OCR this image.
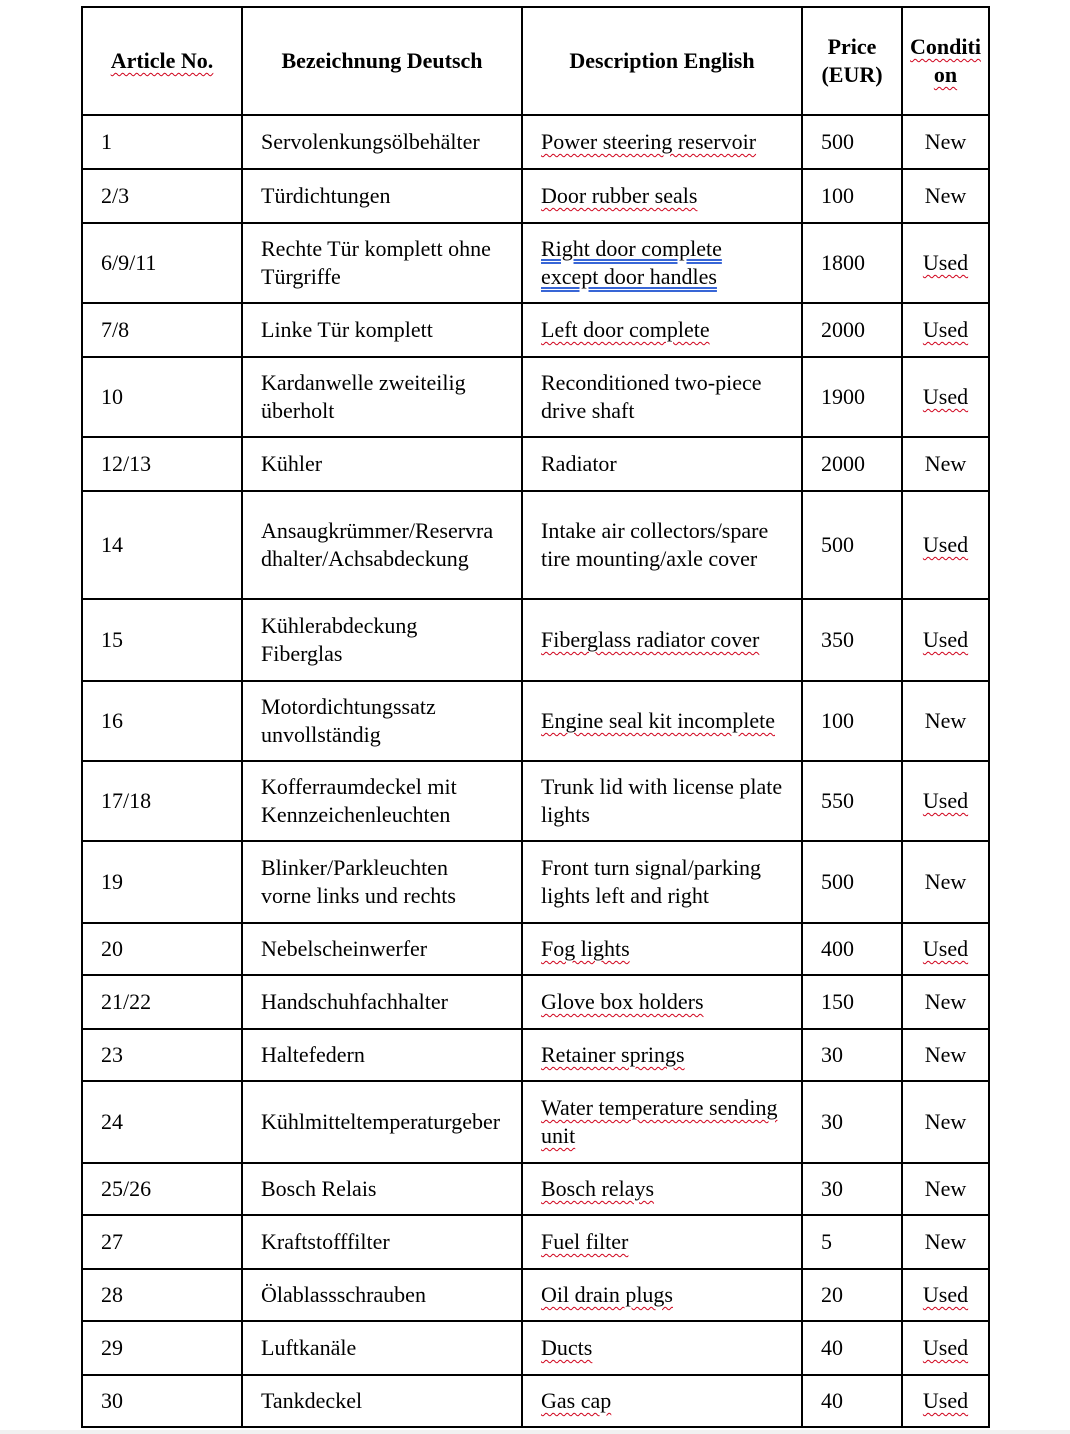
Article No.	Bezeichnung Deutsch	Description English	Price (EUR)	Condition
1	Servolenkungsölbehälter	Power steering reservoir	500	New
2/3	Türdichtungen	Door rubber seals	100	New
6/9/11	Rechte Tür komplett ohne Türgriffe	Right door complete except door handles	1800	Used
7/8	Linke Tür komplett	Left door complete	2000	Used
10	Kardanwelle zweiteilig überholt	Reconditioned two-piece drive shaft	1900	Used
12/13	Kühler	Radiator	2000	New
14	Ansaugkrümmer/Reservradhalter/Achsabdeckung	Intake air collectors/spare tire mounting/axle cover	500	Used
15	Kühlerabdeckung Fiberglas	Fiberglass radiator cover	350	Used
16	Motordichtungssatz unvollständig	Engine seal kit incomplete	100	New
17/18	Kofferraumdeckel mit Kennzeichenleuchten	Trunk lid with license plate lights	550	Used
19	Blinker/Parkleuchten vorne links und rechts	Front turn signal/parking lights left and right	500	New
20	Nebelscheinwerfer	Fog lights	400	Used
21/22	Handschuhfachhalter	Glove box holders	150	New
23	Haltefedern	Retainer springs	30	New
24	Kühlmitteltemperaturgeber	Water temperature sending unit	30	New
25/26	Bosch Relais	Bosch relays	30	New
27	Kraftstofffilter	Fuel filter	5	New
28	Ölablassschrauben	Oil drain plugs	20	Used
29	Luftkanäle	Ducts	40	Used
30	Tankdeckel	Gas cap	40	Used
